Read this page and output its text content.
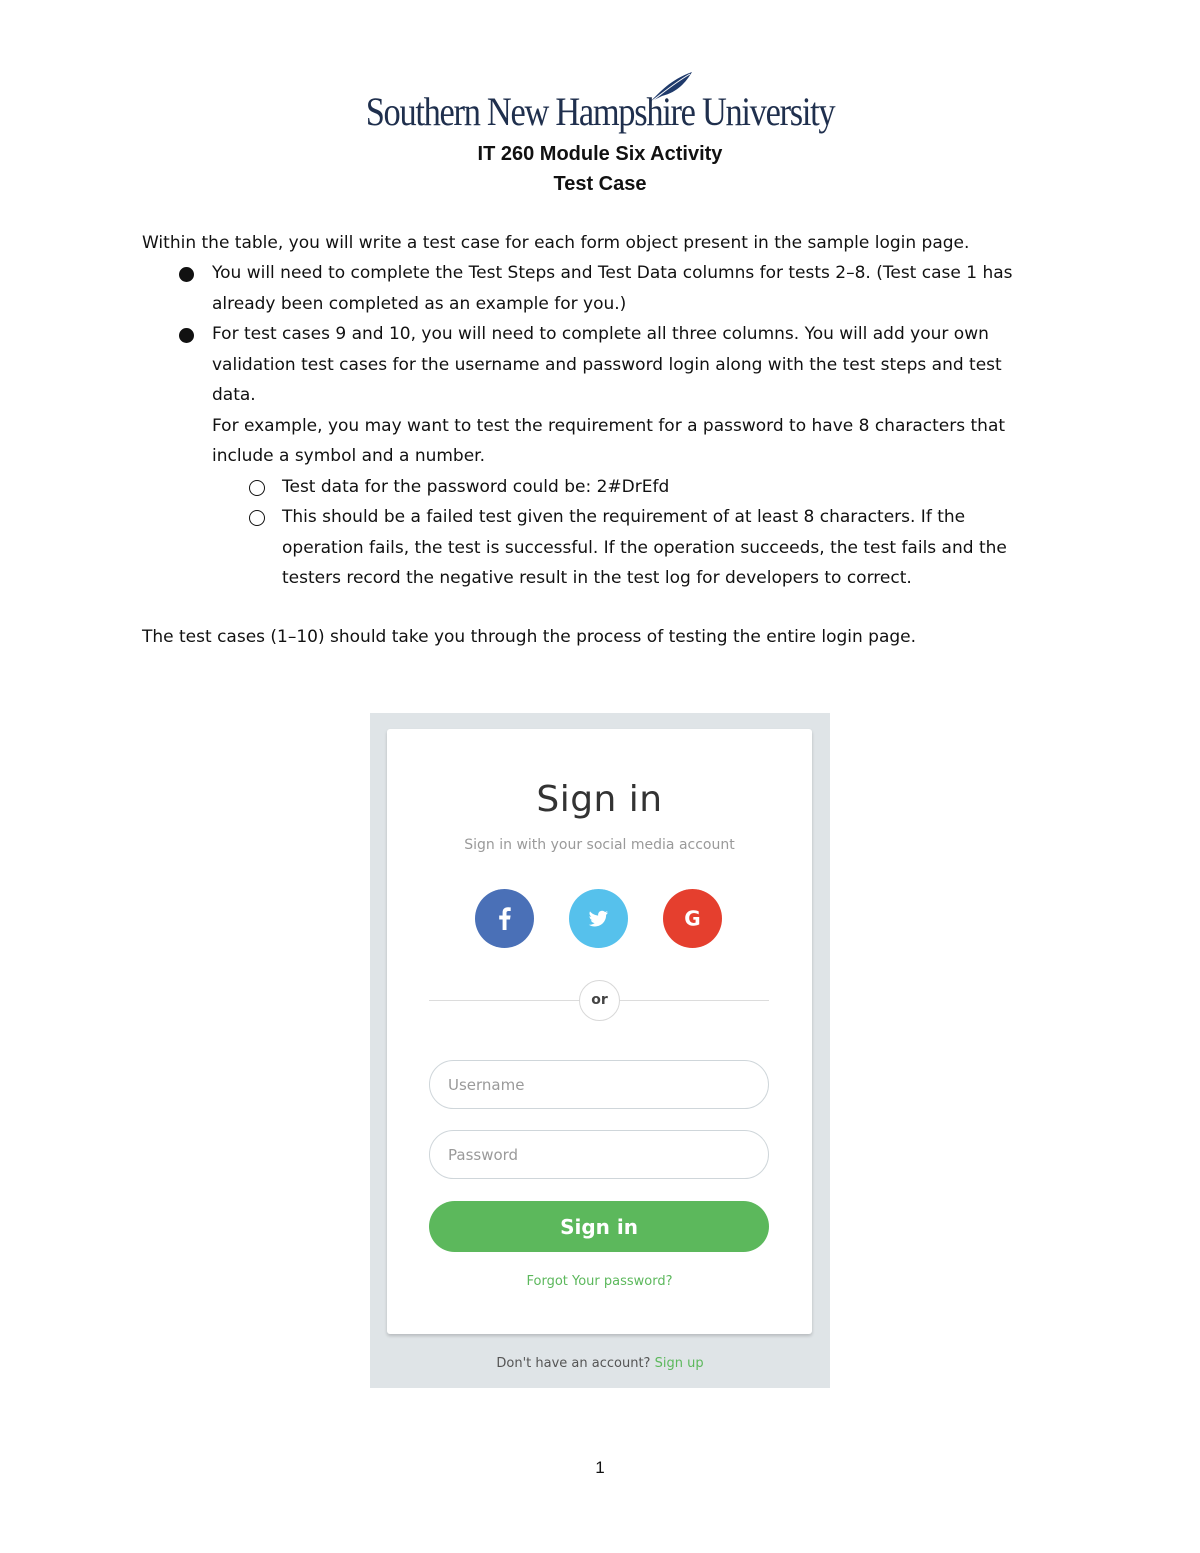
Southern New Hampshire University
IT 260 Module Six Activity
Test Case
Within the table, you will write a test case for each form object present in the sample login page.
You will need to complete the Test Steps and Test Data columns for tests 2–8. (Test case 1 has already been completed as an example for you.)
For test cases 9 and 10, you will need to complete all three columns. You will add your own validation test cases for the username and password login along with the test steps and test data.
For example, you may want to test the requirement for a password to have 8 characters that include a symbol and a number.
Test data for the password could be: 2#DrEfd
This should be a failed test given the requirement of at least 8 characters. If the operation fails, the test is successful. If the operation succeeds, the test fails and the testers record the negative result in the test log for developers to correct.
The test cases (1–10) should take you through the process of testing the entire login page.
Sign in
Sign in with your social media account
G
or
Username
Sign in
Forgot Your password?
Don't have an account? Sign up
1
